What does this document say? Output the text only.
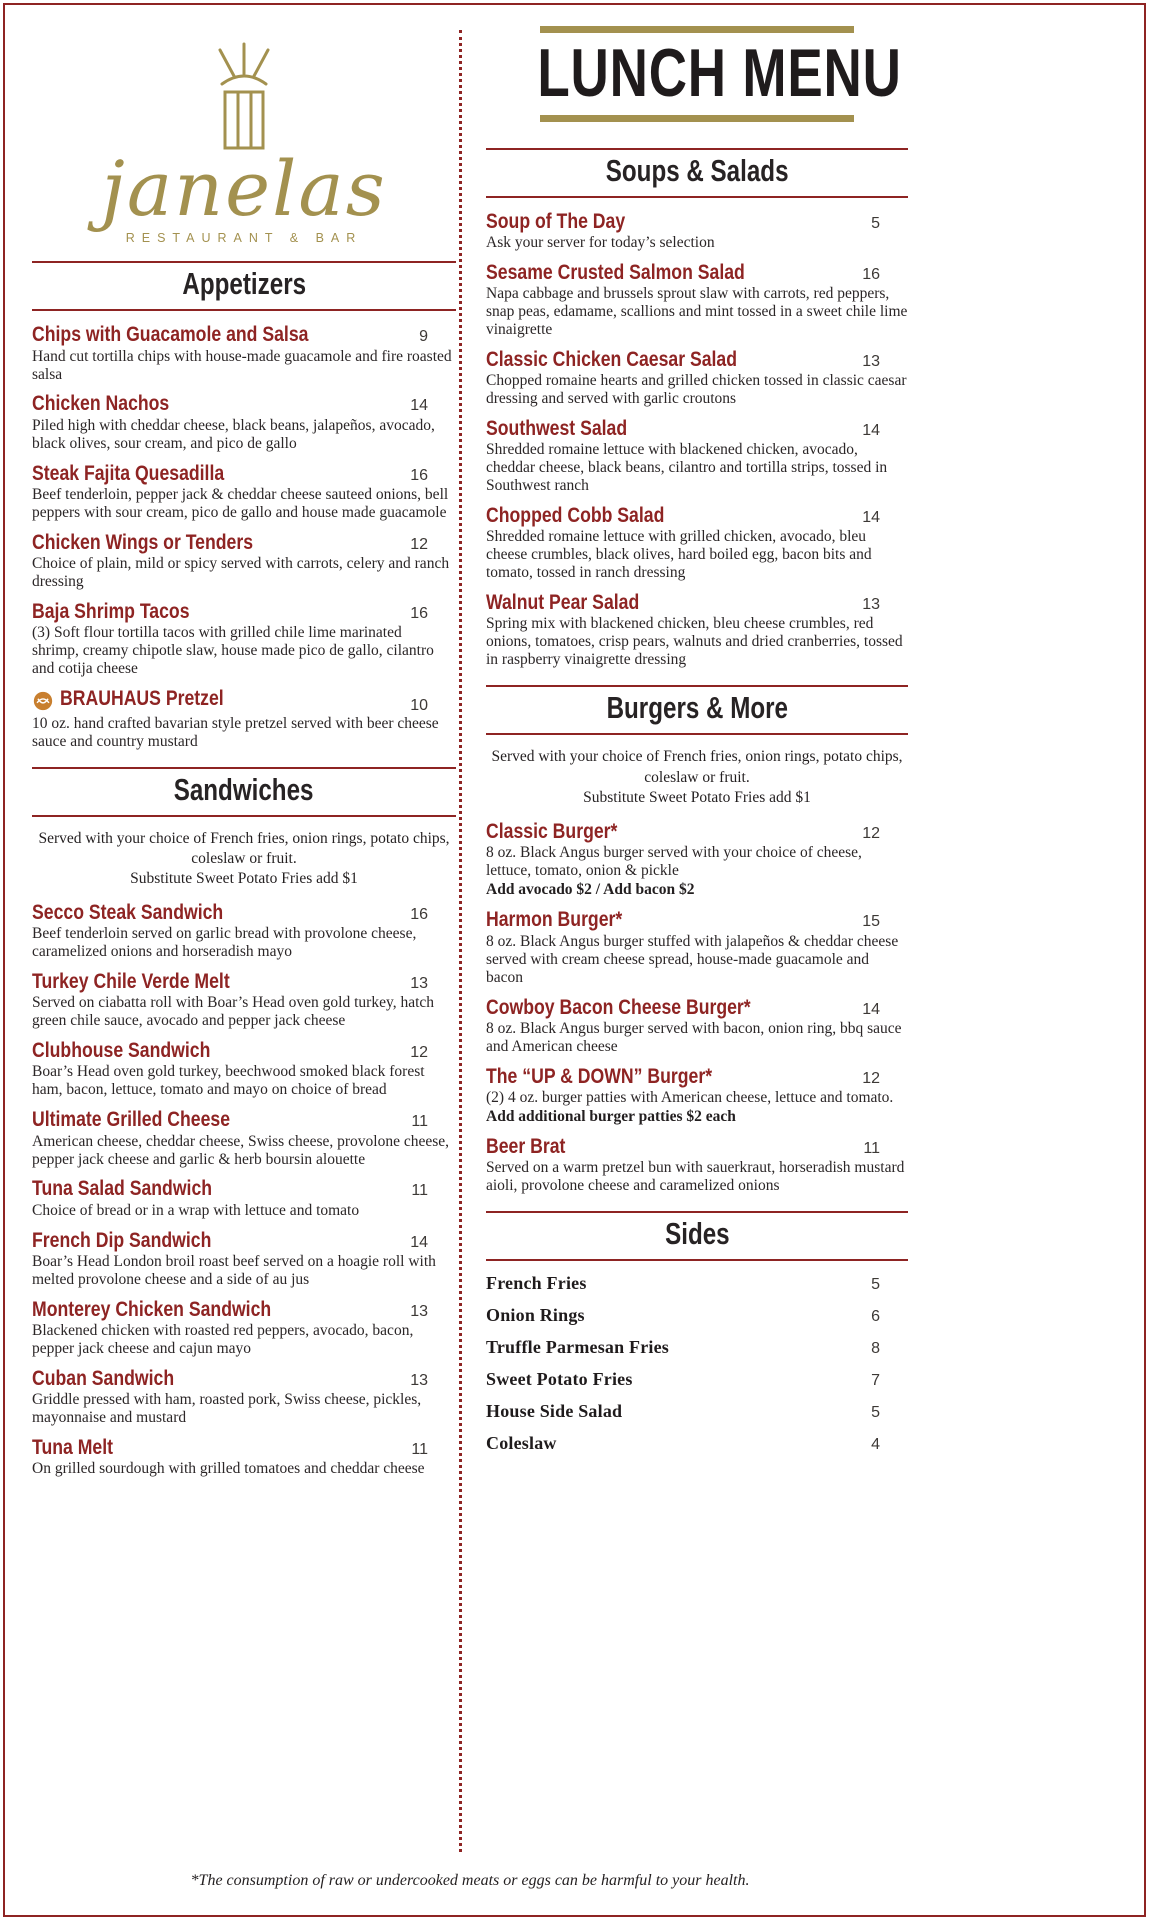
janelas
RESTAURANT & BAR
Appetizers
Chips with Guacamole and Salsa	9
Hand cut tortilla chips with house-made guacamole and fire roasted salsa
Chicken Nachos	14
Piled high with cheddar cheese, black beans, jalapeños, avocado, black olives, sour cream, and pico de gallo
Steak Fajita Quesadilla	16
Beef tenderloin, pepper jack & cheddar cheese sauteed onions, bell peppers with sour cream, pico de gallo and house made guacamole
Chicken Wings or Tenders	12
Choice of plain, mild or spicy served with carrots, celery and ranch dressing
Baja Shrimp Tacos	16
(3) Soft flour tortilla tacos with grilled chile lime marinated shrimp, creamy chipotle slaw, house made pico de gallo, cilantro and cotija cheese
BRAUHAUS Pretzel	10
10 oz. hand crafted bavarian style pretzel served with beer cheese sauce and country mustard
Sandwiches
Served with your choice of French fries, onion rings, potato chips, coleslaw or fruit.
Substitute Sweet Potato Fries add $1
Secco Steak Sandwich	16
Beef tenderloin served on garlic bread with provolone cheese, caramelized onions and horseradish mayo
Turkey Chile Verde Melt	13
Served on ciabatta roll with Boar’s Head oven gold turkey, hatch green chile sauce, avocado and pepper jack cheese
Clubhouse Sandwich	12
Boar’s Head oven gold turkey, beechwood smoked black forest ham, bacon, lettuce, tomato and mayo on choice of bread
Ultimate Grilled Cheese	11
American cheese, cheddar cheese, Swiss cheese, provolone cheese, pepper jack cheese and garlic & herb boursin alouette
Tuna Salad Sandwich	11
Choice of bread or in a wrap with lettuce and tomato
French Dip Sandwich	14
Boar’s Head London broil roast beef served on a hoagie roll with melted provolone cheese and a side of au jus
Monterey Chicken Sandwich	13
Blackened chicken with roasted red peppers, avocado, bacon, pepper jack cheese and cajun mayo
Cuban Sandwich	13
Griddle pressed with ham, roasted pork, Swiss cheese, pickles, mayonnaise and mustard
Tuna Melt	11
On grilled sourdough with grilled tomatoes and cheddar cheese
LUNCH MENU
Soups & Salads
Soup of The Day	5
Ask your server for today’s selection
Sesame Crusted Salmon Salad	16
Napa cabbage and brussels sprout slaw with carrots, red peppers, snap peas, edamame, scallions and mint tossed in a sweet chile lime vinaigrette
Classic Chicken Caesar Salad	13
Chopped romaine hearts and grilled chicken tossed in classic caesar dressing and served with garlic croutons
Southwest Salad	14
Shredded romaine lettuce with blackened chicken, avocado, cheddar cheese, black beans, cilantro and tortilla strips, tossed in Southwest ranch
Chopped Cobb Salad	14
Shredded romaine lettuce with grilled chicken, avocado, bleu cheese crumbles, black olives, hard boiled egg, bacon bits and tomato, tossed in ranch dressing
Walnut Pear Salad	13
Spring mix with blackened chicken, bleu cheese crumbles, red onions, tomatoes, crisp pears, walnuts and dried cranberries, tossed in raspberry vinaigrette dressing
Burgers & More
Served with your choice of French fries, onion rings, potato chips, coleslaw or fruit.
Substitute Sweet Potato Fries add $1
Classic Burger*	12
8 oz. Black Angus burger served with your choice of cheese, lettuce, tomato, onion & pickle
Add avocado $2 / Add bacon $2
Harmon Burger*	15
8 oz. Black Angus burger stuffed with jalapeños & cheddar cheese served with cream cheese spread, house-made guacamole and bacon
Cowboy Bacon Cheese Burger*	14
8 oz. Black Angus burger served with bacon, onion ring, bbq sauce and American cheese
The “UP & DOWN” Burger*	12
(2) 4 oz. burger patties with American cheese, lettuce and tomato.
Add additional burger patties $2 each
Beer Brat	11
Served on a warm pretzel bun with sauerkraut, horseradish mustard aioli, provolone cheese and caramelized onions
Sides
French Fries	5
Onion Rings	6
Truffle Parmesan Fries	8
Sweet Potato Fries	7
House Side Salad	5
Coleslaw	4
*The consumption of raw or undercooked meats or eggs can be harmful to your health.
